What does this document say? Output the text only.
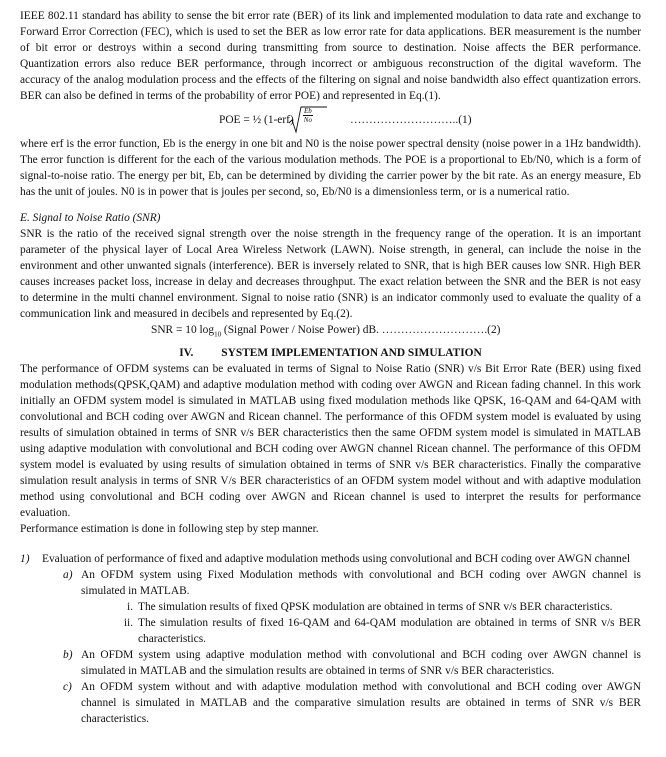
IEEE 802.11 standard has ability to sense the bit error rate (BER) of its link and implemented modulation to data rate and exchange to Forward Error Correction (FEC), which is used to set the BER as low error rate for data applications. BER measurement is the number of bit error or destroys within a second during transmitting from source to destination. Noise affects the BER performance. Quantization errors also reduce BER performance, through incorrect or ambiguous reconstruction of the digital waveform. The accuracy of the analog modulation process and the effects of the filtering on signal and noise bandwidth also effect quantization errors. BER can also be defined in terms of the probability of error POE) and represented in Eq.(1).

POE = ½ $(1-erf) \frac{Eb}{No}$	………………………..(1)

where erf is the error function, Eb is the energy in one bit and N0 is the noise power spectral density (noise power in a 1Hz bandwidth). The error function is different for the each of the various modulation methods. The POE is a proportional to Eb/N0, which is a form of signal-to-noise ratio. The energy per bit, Eb, can be determined by dividing the carrier power by the bit rate. As an energy measure, Eb has the unit of joules. N0 is in power that is joules per second, so, Eb/N0 is a dimensionless term, or is a numerical ratio.

E. Signal to Noise Ratio (SNR)

SNR is the ratio of the received signal strength over the noise strength in the frequency range of the operation. It is an important parameter of the physical layer of Local Area Wireless Network (LAWN). Noise strength, in general, can include the noise in the environment and other unwanted signals (interference). BER is inversely related to SNR, that is high BER causes low SNR. High BER causes increases packet loss, increase in delay and decreases throughput. The exact relation between the SNR and the BER is not easy to determine in the multi channel environment. Signal to noise ratio (SNR) is an indicator commonly used to evaluate the quality of a communication link and measured in decibels and represented by Eq.(2).

SNR = 10 $\log_{10}$ (Signal Power / Noise Power) dB. ……………………….(2)
IV. SYSTEM IMPLEMENTATION AND SIMULATION

The performance of OFDM systems can be evaluated in terms of Signal to Noise Ratio (SNR) v/s Bit Error Rate (BER) using fixed modulation methods(QPSK,QAM) and adaptive modulation method with coding over AWGN and Ricean fading channel. In this work initially an OFDM system model is simulated in MATLAB using fixed modulation methods like QPSK, 16-QAM and 64-QAM with convolutional and BCH coding over AWGN and Ricean channel. The performance of this OFDM system model is evaluated by using results of simulation obtained in terms of SNR v/s BER characteristics then the same OFDM system model is simulated in MATLAB using adaptive modulation with convolutional and BCH coding over AWGN channel Ricean channel. The performance of this OFDM system model is evaluated by using results of simulation obtained in terms of SNR v/s BER characteristics. Finally the comparative simulation result analysis in terms of SNR V/s BER characteristics of an OFDM system model without and with adaptive modulation method using convolutional and BCH coding over AWGN and Ricean channel is used to interpret the results for performance evaluation.

Performance estimation is done in following step by step manner.

1) Evaluation of performance of fixed and adaptive modulation methods using convolutional and BCH coding over AWGN channel

a) An OFDM system using Fixed Modulation methods with convolutional and BCH coding over AWGN channel is simulated in MATLAB.

i. The simulation results of fixed QPSK modulation are obtained in terms of SNR v/s BER characteristics.

ii. The simulation results of fixed 16-QAM and 64-QAM modulation are obtained in terms of SNR v/s BER characteristics.

b) An OFDM system using adaptive modulation method with convolutional and BCH coding over AWGN channel is simulated in MATLAB and the simulation results are obtained in terms of SNR v/s BER characteristics.

c) An OFDM system without and with adaptive modulation method with convolutional and BCH coding over AWGN channel is simulated in MATLAB and the comparative simulation results are obtained in terms of SNR v/s BER characteristics.
